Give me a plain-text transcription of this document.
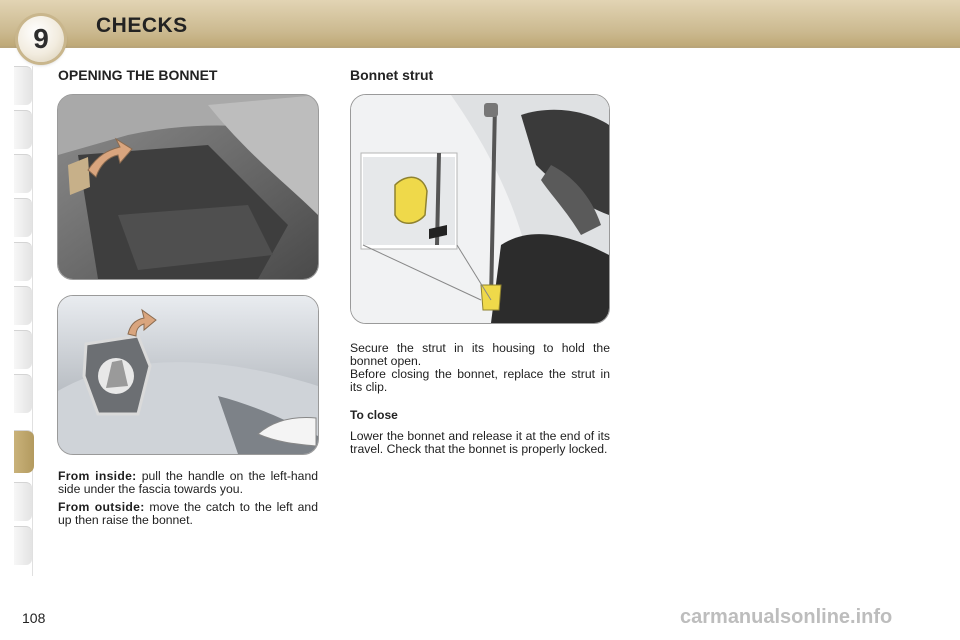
9 CHECKS
OPENING THE BONNET

From inside: pull the handle on the left-hand side under the fascia towards you.

From outside: move the catch to the left and up then raise the bonnet.

Bonnet strut

Secure the strut in its housing to hold the bonnet open.

Before closing the bonnet, replace the strut in its clip.

To close

Lower the bonnet and release it at the end of its travel. Check that the bonnet is properly locked.

108	carmanualsonline.info
